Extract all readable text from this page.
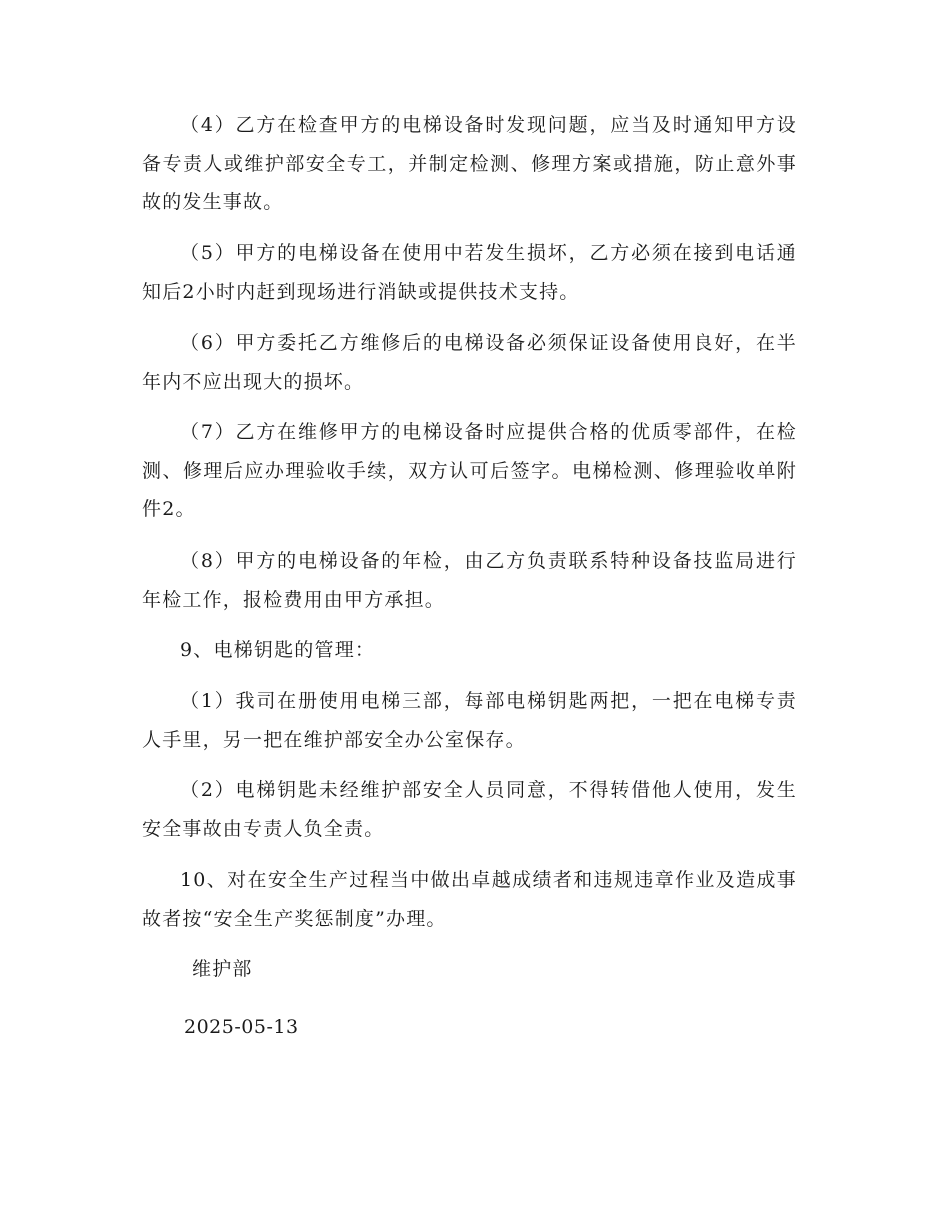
（4）乙方在检查甲方的电梯设备时发现问题，应当及时通知甲方设备专责人或维护部安全专工，并制定检测、修理方案或措施，防止意外事故的发生事故。

（5）甲方的电梯设备在使用中若发生损坏，乙方必须在接到电话通知后2小时内赶到现场进行消缺或提供技术支持。

（6）甲方委托乙方维修后的电梯设备必须保证设备使用良好，在半年内不应出现大的损坏。

（7）乙方在维修甲方的电梯设备时应提供合格的优质零部件，在检测、修理后应办理验收手续，双方认可后签字。电梯检测、修理验收单附件2。

（8）甲方的电梯设备的年检，由乙方负责联系特种设备技监局进行年检工作，报检费用由甲方承担。

9、电梯钥匙的管理：

（1）我司在册使用电梯三部，每部电梯钥匙两把，一把在电梯专责人手里，另一把在维护部安全办公室保存。

（2）电梯钥匙未经维护部安全人员同意，不得转借他人使用，发生安全事故由专责人负全责。

10、对在安全生产过程当中做出卓越成绩者和违规违章作业及造成事故者按“安全生产奖惩制度”办理。

维护部

2025-05-13
